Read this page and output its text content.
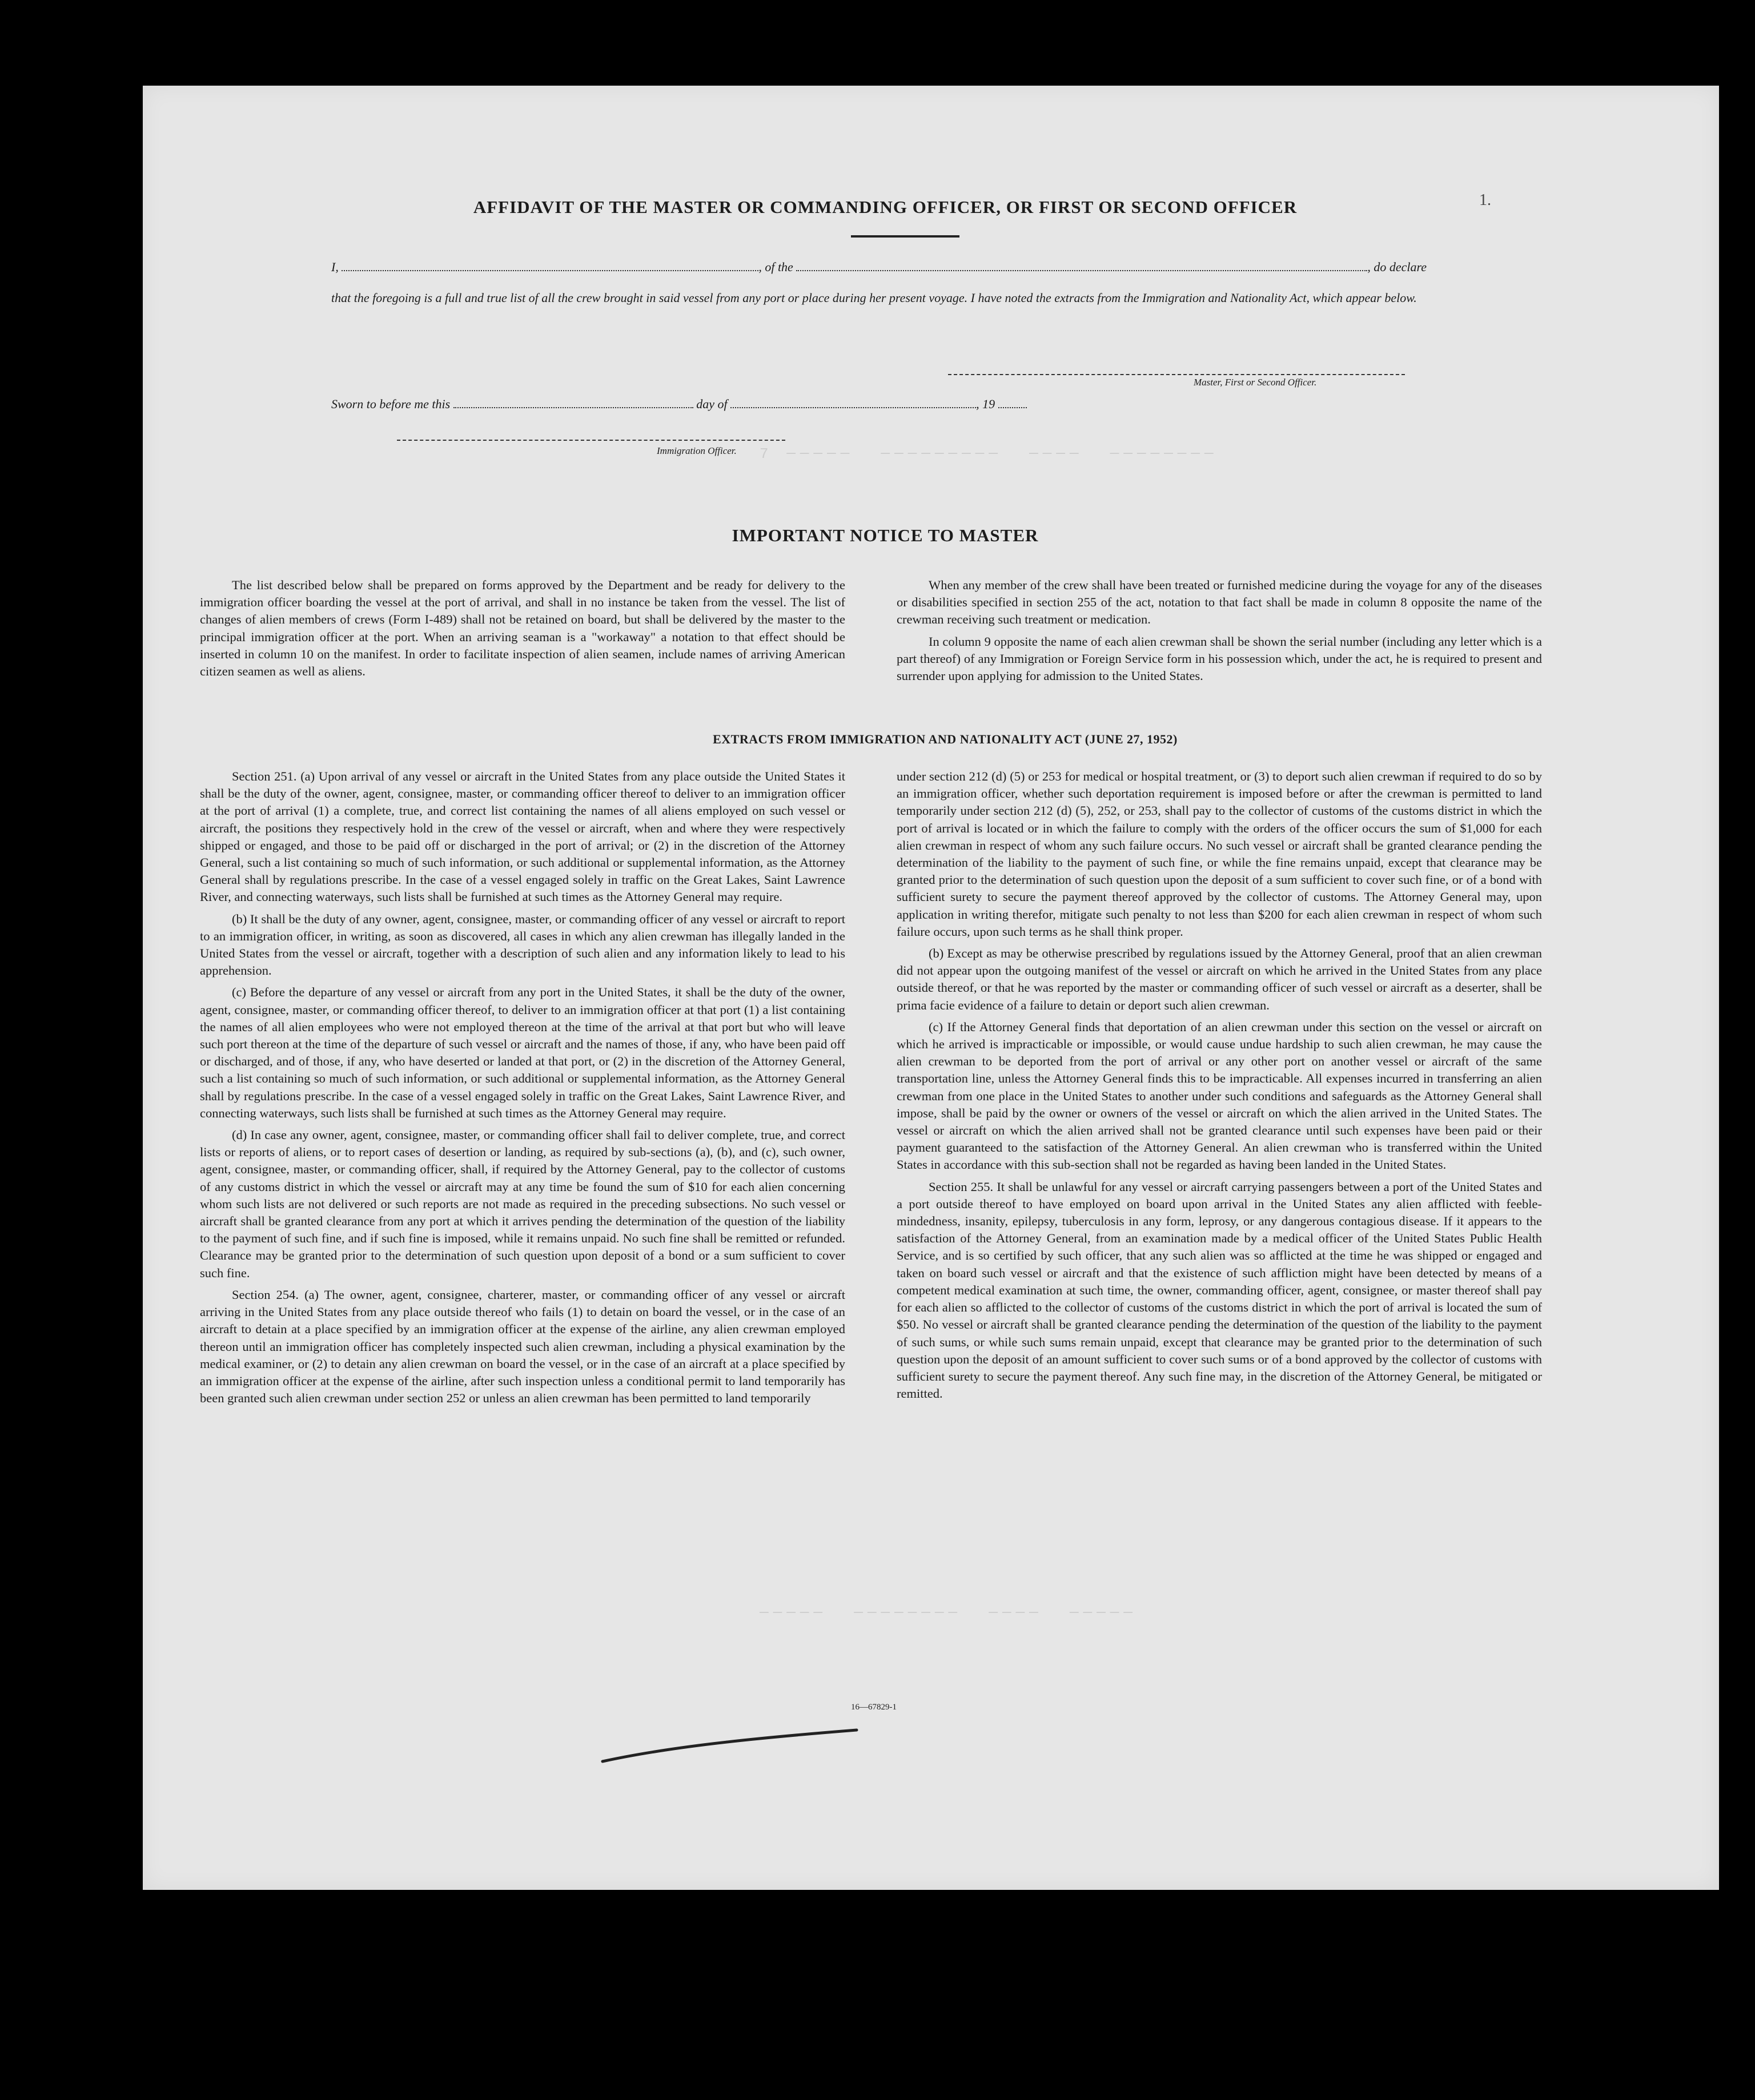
7 ─────  ─────────  ────  ────────
─────  ────────  ────  ─────
1.
AFFIDAVIT OF THE MASTER OR COMMANDING OFFICER, OR FIRST OR SECOND OFFICER
I,	, of the	, do declare
that the foregoing is a full and true list of all the crew brought in said vessel from any port or place during her present voyage. I have noted the extracts from the Immigration and Nationality Act, which appear below.
Master, First or Second Officer.
Sworn to before me this	day of	, 19
Immigration Officer.
IMPORTANT NOTICE TO MASTER

The list described below shall be prepared on forms approved by the Department and be ready for delivery to the immigration officer boarding the vessel at the port of arrival, and shall in no instance be taken from the vessel. The list of changes of alien members of crews (Form I-489) shall not be retained on board, but shall be delivered by the master to the principal immigration officer at the port. When an arriving seaman is a "workaway" a notation to that effect should be inserted in column 10 on the manifest. In order to facilitate inspection of alien seamen, include names of arriving American citizen seamen as well as aliens.

When any member of the crew shall have been treated or furnished medicine during the voyage for any of the diseases or disabilities specified in section 255 of the act, notation to that fact shall be made in column 8 opposite the name of the crewman receiving such treatment or medication.

In column 9 opposite the name of each alien crewman shall be shown the serial number (including any letter which is a part thereof) of any Immigration or Foreign Service form in his possession which, under the act, he is required to present and surrender upon applying for admission to the United States.

EXTRACTS FROM IMMIGRATION AND NATIONALITY ACT (JUNE 27, 1952)

Section 251. (a) Upon arrival of any vessel or aircraft in the United States from any place outside the United States it shall be the duty of the owner, agent, consignee, master, or commanding officer thereof to deliver to an immigration officer at the port of arrival (1) a complete, true, and correct list containing the names of all aliens employed on such vessel or aircraft, the positions they respectively hold in the crew of the vessel or aircraft, when and where they were respectively shipped or engaged, and those to be paid off or discharged in the port of arrival; or (2) in the discretion of the Attorney General, such a list containing so much of such information, or such additional or supplemental information, as the Attorney General shall by regulations prescribe. In the case of a vessel engaged solely in traffic on the Great Lakes, Saint Lawrence River, and connecting waterways, such lists shall be furnished at such times as the Attorney General may require.

(b) It shall be the duty of any owner, agent, consignee, master, or commanding officer of any vessel or aircraft to report to an immigration officer, in writing, as soon as discovered, all cases in which any alien crewman has illegally landed in the United States from the vessel or aircraft, together with a description of such alien and any information likely to lead to his apprehension.

(c) Before the departure of any vessel or aircraft from any port in the United States, it shall be the duty of the owner, agent, consignee, master, or commanding officer thereof, to deliver to an immigration officer at that port (1) a list containing the names of all alien employees who were not employed thereon at the time of the arrival at that port but who will leave such port thereon at the time of the departure of such vessel or aircraft and the names of those, if any, who have been paid off or discharged, and of those, if any, who have deserted or landed at that port, or (2) in the discretion of the Attorney General, such a list containing so much of such information, or such additional or supplemental information, as the Attorney General shall by regulations prescribe. In the case of a vessel engaged solely in traffic on the Great Lakes, Saint Lawrence River, and connecting waterways, such lists shall be furnished at such times as the Attorney General may require.

(d) In case any owner, agent, consignee, master, or commanding officer shall fail to deliver complete, true, and correct lists or reports of aliens, or to report cases of desertion or landing, as required by sub-sections (a), (b), and (c), such owner, agent, consignee, master, or commanding officer, shall, if required by the Attorney General, pay to the collector of customs of any customs district in which the vessel or aircraft may at any time be found the sum of $10 for each alien concerning whom such lists are not delivered or such reports are not made as required in the preceding subsections. No such vessel or aircraft shall be granted clearance from any port at which it arrives pending the determination of the question of the liability to the payment of such fine, and if such fine is imposed, while it remains unpaid. No such fine shall be remitted or refunded. Clearance may be granted prior to the determination of such question upon deposit of a bond or a sum sufficient to cover such fine.

Section 254. (a) The owner, agent, consignee, charterer, master, or commanding officer of any vessel or aircraft arriving in the United States from any place outside thereof who fails (1) to detain on board the vessel, or in the case of an aircraft to detain at a place specified by an immigration officer at the expense of the airline, any alien crewman employed thereon until an immigration officer has completely inspected such alien crewman, including a physical examination by the medical examiner, or (2) to detain any alien crewman on board the vessel, or in the case of an aircraft at a place specified by an immigration officer at the expense of the airline, after such inspection unless a conditional permit to land temporarily has been granted such alien crewman under section 252 or unless an alien crewman has been permitted to land temporarily

under section 212 (d) (5) or 253 for medical or hospital treatment, or (3) to deport such alien crewman if required to do so by an immigration officer, whether such deportation requirement is imposed before or after the crewman is permitted to land temporarily under section 212 (d) (5), 252, or 253, shall pay to the collector of customs of the customs district in which the port of arrival is located or in which the failure to comply with the orders of the officer occurs the sum of $1,000 for each alien crewman in respect of whom any such failure occurs. No such vessel or aircraft shall be granted clearance pending the determination of the liability to the payment of such fine, or while the fine remains unpaid, except that clearance may be granted prior to the determination of such question upon the deposit of a sum sufficient to cover such fine, or of a bond with sufficient surety to secure the payment thereof approved by the collector of customs. The Attorney General may, upon application in writing therefor, mitigate such penalty to not less than $200 for each alien crewman in respect of whom such failure occurs, upon such terms as he shall think proper.

(b) Except as may be otherwise prescribed by regulations issued by the Attorney General, proof that an alien crewman did not appear upon the outgoing manifest of the vessel or aircraft on which he arrived in the United States from any place outside thereof, or that he was reported by the master or commanding officer of such vessel or aircraft as a deserter, shall be prima facie evidence of a failure to detain or deport such alien crewman.

(c) If the Attorney General finds that deportation of an alien crewman under this section on the vessel or aircraft on which he arrived is impracticable or impossible, or would cause undue hardship to such alien crewman, he may cause the alien crewman to be deported from the port of arrival or any other port on another vessel or aircraft of the same transportation line, unless the Attorney General finds this to be impracticable. All expenses incurred in transferring an alien crewman from one place in the United States to another under such conditions and safeguards as the Attorney General shall impose, shall be paid by the owner or owners of the vessel or aircraft on which the alien arrived in the United States. The vessel or aircraft on which the alien arrived shall not be granted clearance until such expenses have been paid or their payment guaranteed to the satisfaction of the Attorney General. An alien crewman who is transferred within the United States in accordance with this sub-section shall not be regarded as having been landed in the United States.

Section 255. It shall be unlawful for any vessel or aircraft carrying passengers between a port of the United States and a port outside thereof to have employed on board upon arrival in the United States any alien afflicted with feeble-mindedness, insanity, epilepsy, tuberculosis in any form, leprosy, or any dangerous contagious disease. If it appears to the satisfaction of the Attorney General, from an examination made by a medical officer of the United States Public Health Service, and is so certified by such officer, that any such alien was so afflicted at the time he was shipped or engaged and taken on board such vessel or aircraft and that the existence of such affliction might have been detected by means of a competent medical examination at such time, the owner, commanding officer, agent, consignee, or master thereof shall pay for each alien so afflicted to the collector of customs of the customs district in which the port of arrival is located the sum of $50. No vessel or aircraft shall be granted clearance pending the determination of the question of the liability to the payment of such sums, or while such sums remain unpaid, except that clearance may be granted prior to the determination of such question upon the deposit of an amount sufficient to cover such sums or of a bond approved by the collector of customs with sufficient surety to secure the payment thereof. Any such fine may, in the discretion of the Attorney General, be mitigated or remitted.

16—67829-1
